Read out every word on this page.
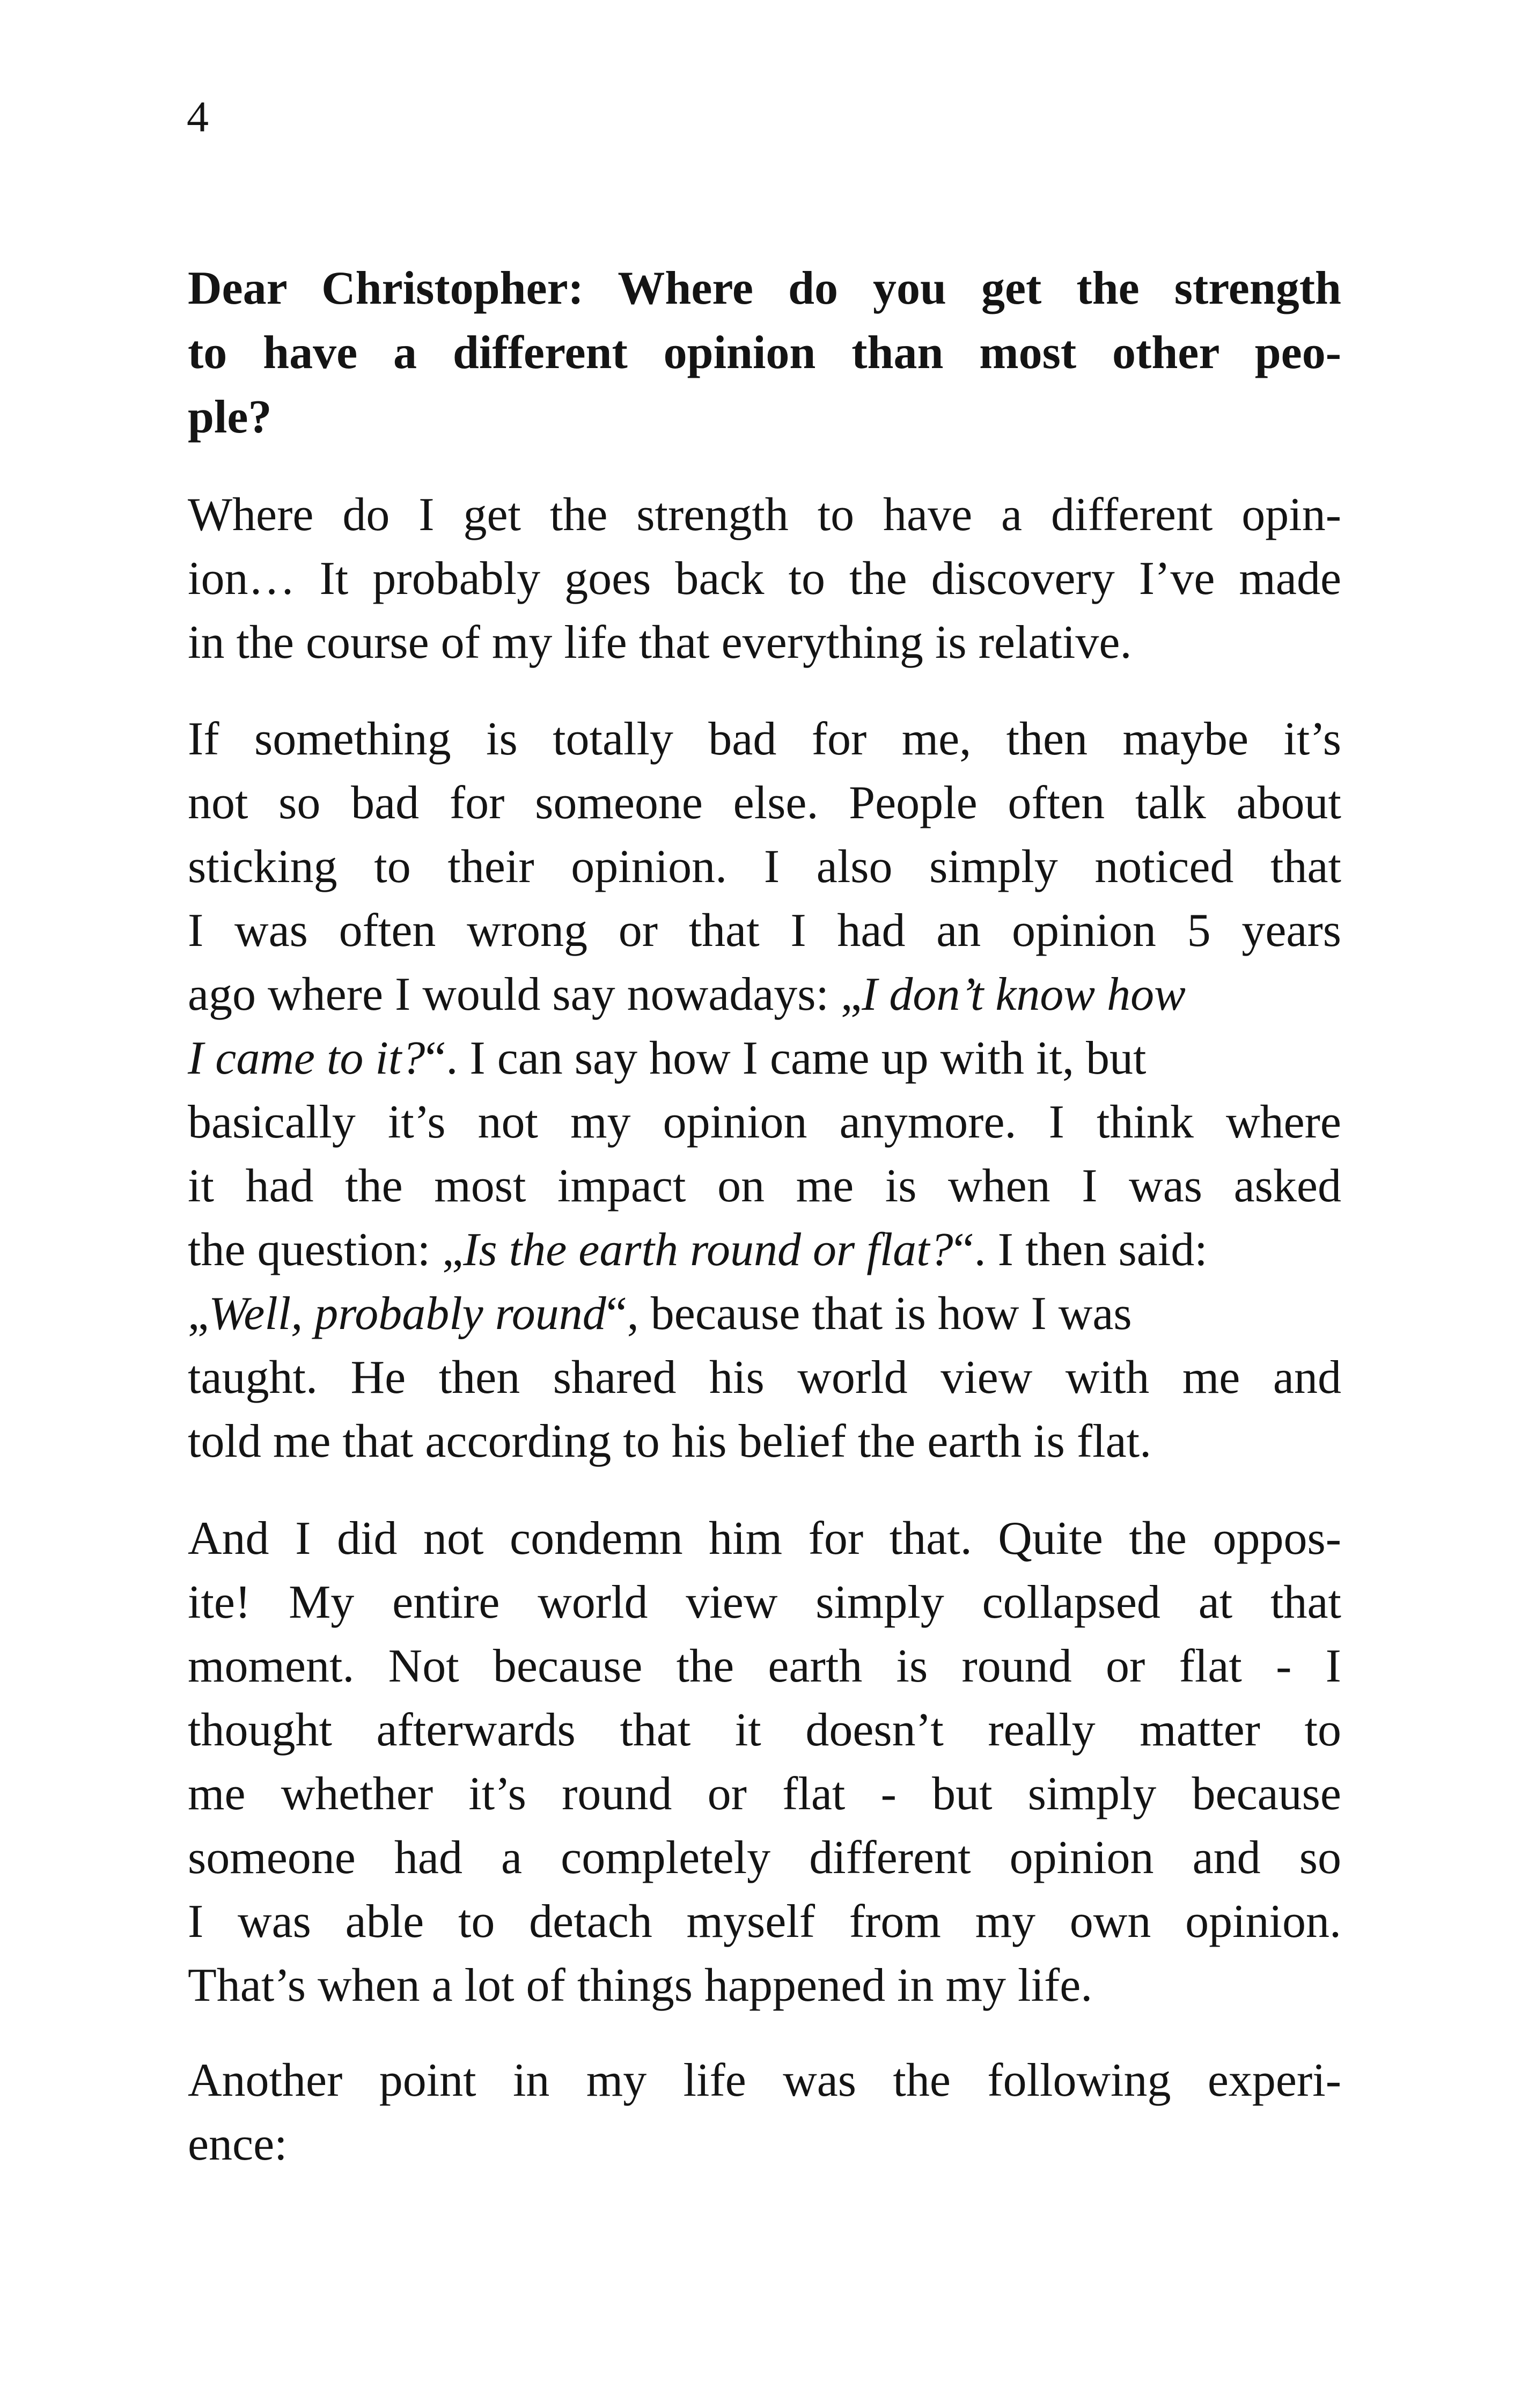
4

Dear Christopher: Where do you get the strength
to have a different opinion than most other peo-
ple?

Where do I get the strength to have a different opin-
ion… It probably goes back to the discovery I’ve made
in the course of my life that everything is relative.

If something is totally bad for me, then maybe it’s
not so bad for someone else. People often talk about
sticking to their opinion. I also simply noticed that
I was often wrong or that I had an opinion 5 years
ago where I would say nowadays: „I don’t know how
I came to it?“. I can say how I came up with it, but
basically it’s not my opinion anymore. I think where
it had the most impact on me is when I was asked
the question: „Is the earth round or flat?“. I then said:
„Well, probably round“, because that is how I was
taught. He then shared his world view with me and
told me that according to his belief the earth is flat.

And I did not condemn him for that. Quite the oppos-
ite! My entire world view simply collapsed at that
moment. Not because the earth is round or flat - I
thought afterwards that it doesn’t really matter to
me whether it’s round or flat - but simply because
someone had a completely different opinion and so
I was able to detach myself from my own opinion.
That’s when a lot of things happened in my life.

Another point in my life was the following experi-
ence:
